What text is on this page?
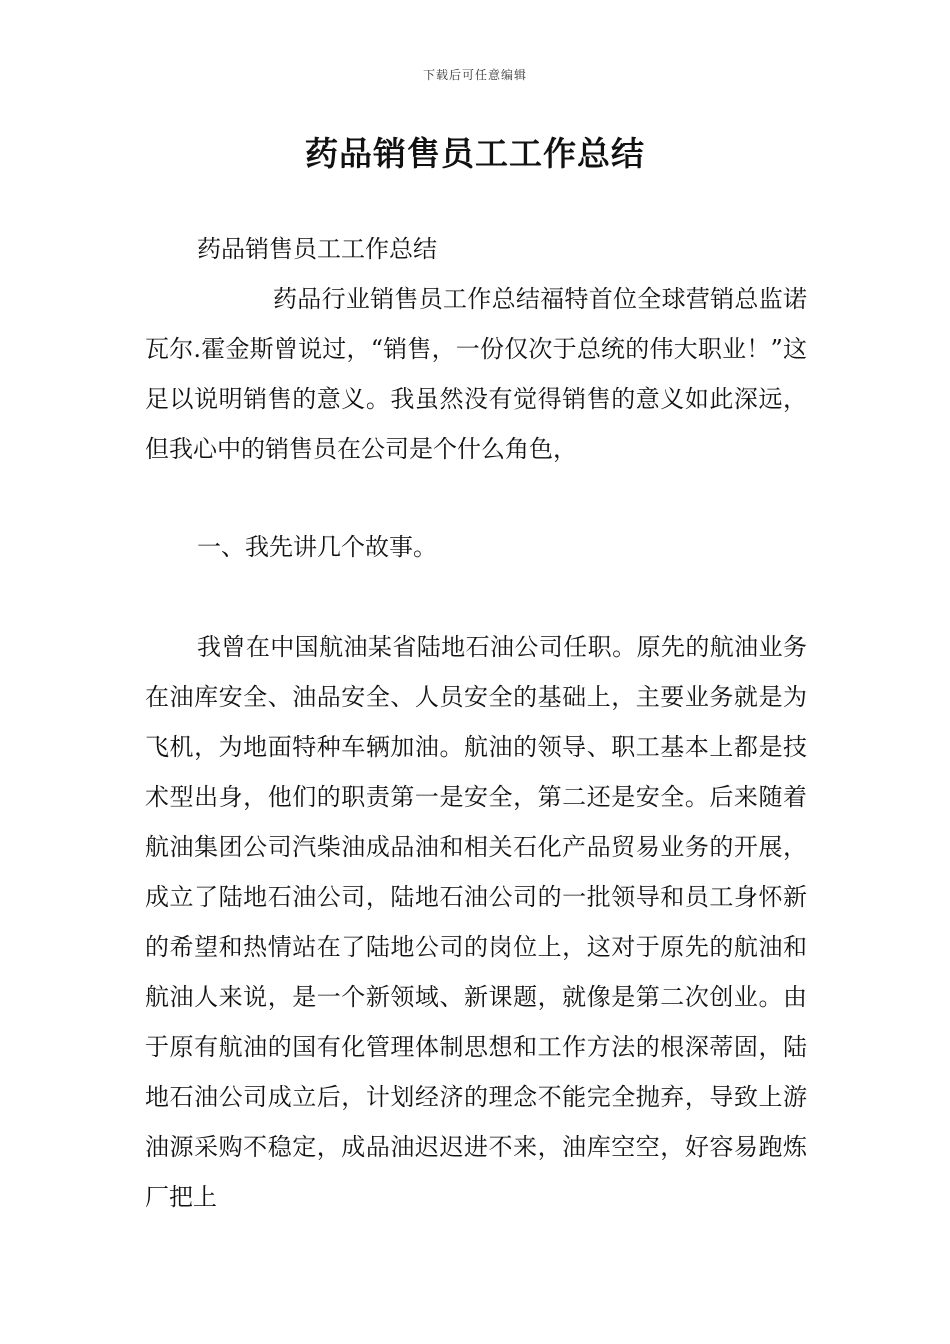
下载后可任意编辑
药品销售员工工作总结

药品销售员工工作总结

药品行业销售员工作总结福特首位全球营销总监诺瓦尔.霍金斯曾说过，“销售，一份仅次于总统的伟大职业！”这足以说明销售的意义。我虽然没有觉得销售的意义如此深远，但我心中的销售员在公司是个什么角色，

一、我先讲几个故事。

我曾在中国航油某省陆地石油公司任职。原先的航油业务在油库安全、油品安全、人员安全的基础上，主要业务就是为飞机，为地面特种车辆加油。航油的领导、职工基本上都是技术型出身，他们的职责第一是安全，第二还是安全。后来随着航油集团公司汽柴油成品油和相关石化产品贸易业务的开展，成立了陆地石油公司，陆地石油公司的一批领导和员工身怀新的希望和热情站在了陆地公司的岗位上，这对于原先的航油和航油人来说，是一个新领域、新课题，就像是第二次创业。由于原有航油的国有化管理体制思想和工作方法的根深蒂固，陆地石油公司成立后，计划经济的理念不能完全抛弃，导致上游油源采购不稳定，成品油迟迟进不来，油库空空，好容易跑炼厂把上
